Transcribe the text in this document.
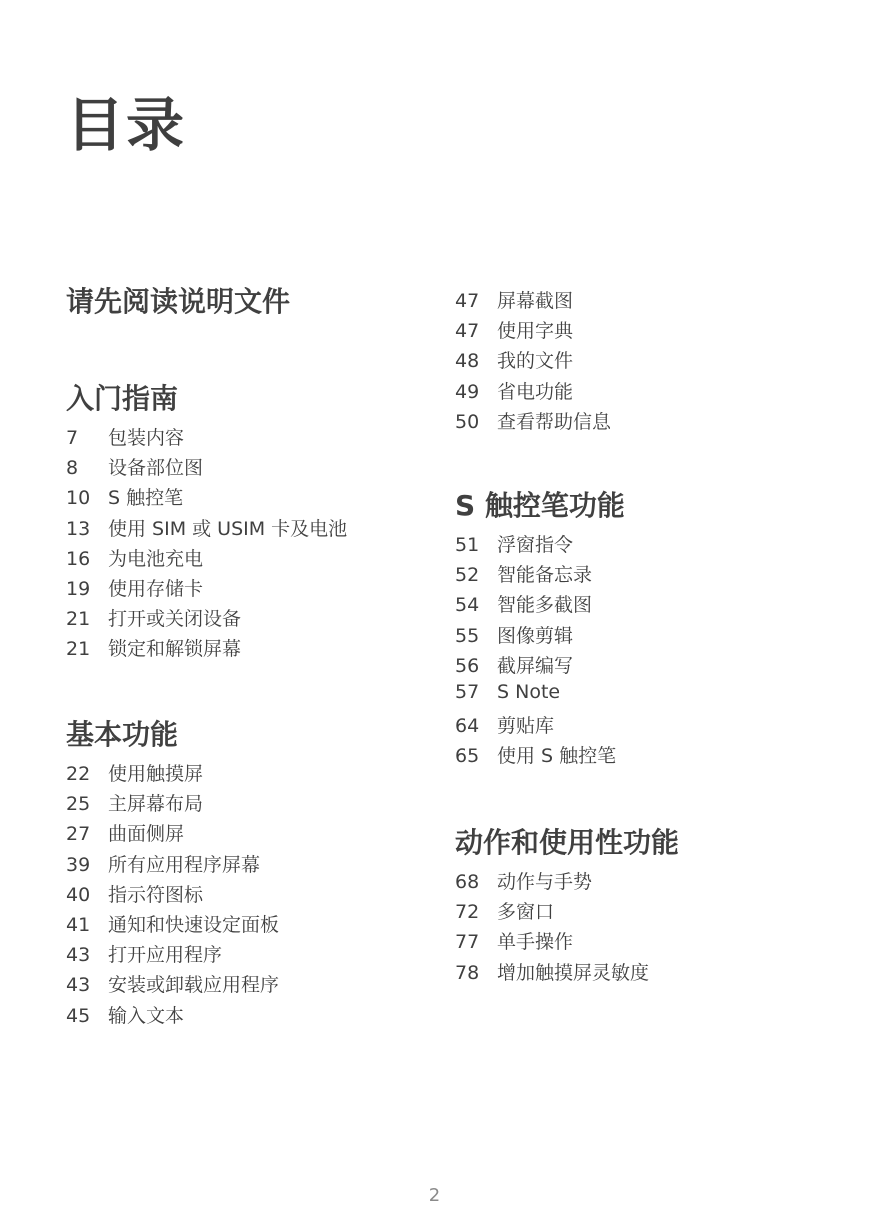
目录
请先阅读说明文件
入门指南
7	包装内容
8	设备部位图
10 S 触控笔
13 使用 SIM 或 USIM 卡及电池
16 为电池充电
19 使用存储卡
21 打开或关闭设备
21 锁定和解锁屏幕
基本功能
22 使用触摸屏
25 主屏幕布局
27 曲面侧屏
39 所有应用程序屏幕
40 指示符图标
41 通知和快速设定面板
43 打开应用程序
43 安装或卸载应用程序
45 输入文本
47 屏幕截图
47 使用字典
48 我的文件
49 省电功能
50 查看帮助信息
S 触控笔功能
51 浮窗指令
52 智能备忘录
54 智能多截图
55 图像剪辑
56 截屏编写
57 S Note
64 剪贴库
65 使用 S 触控笔
动作和使用性功能
68 动作与手势
72 多窗口
77 单手操作
78 增加触摸屏灵敏度
2
